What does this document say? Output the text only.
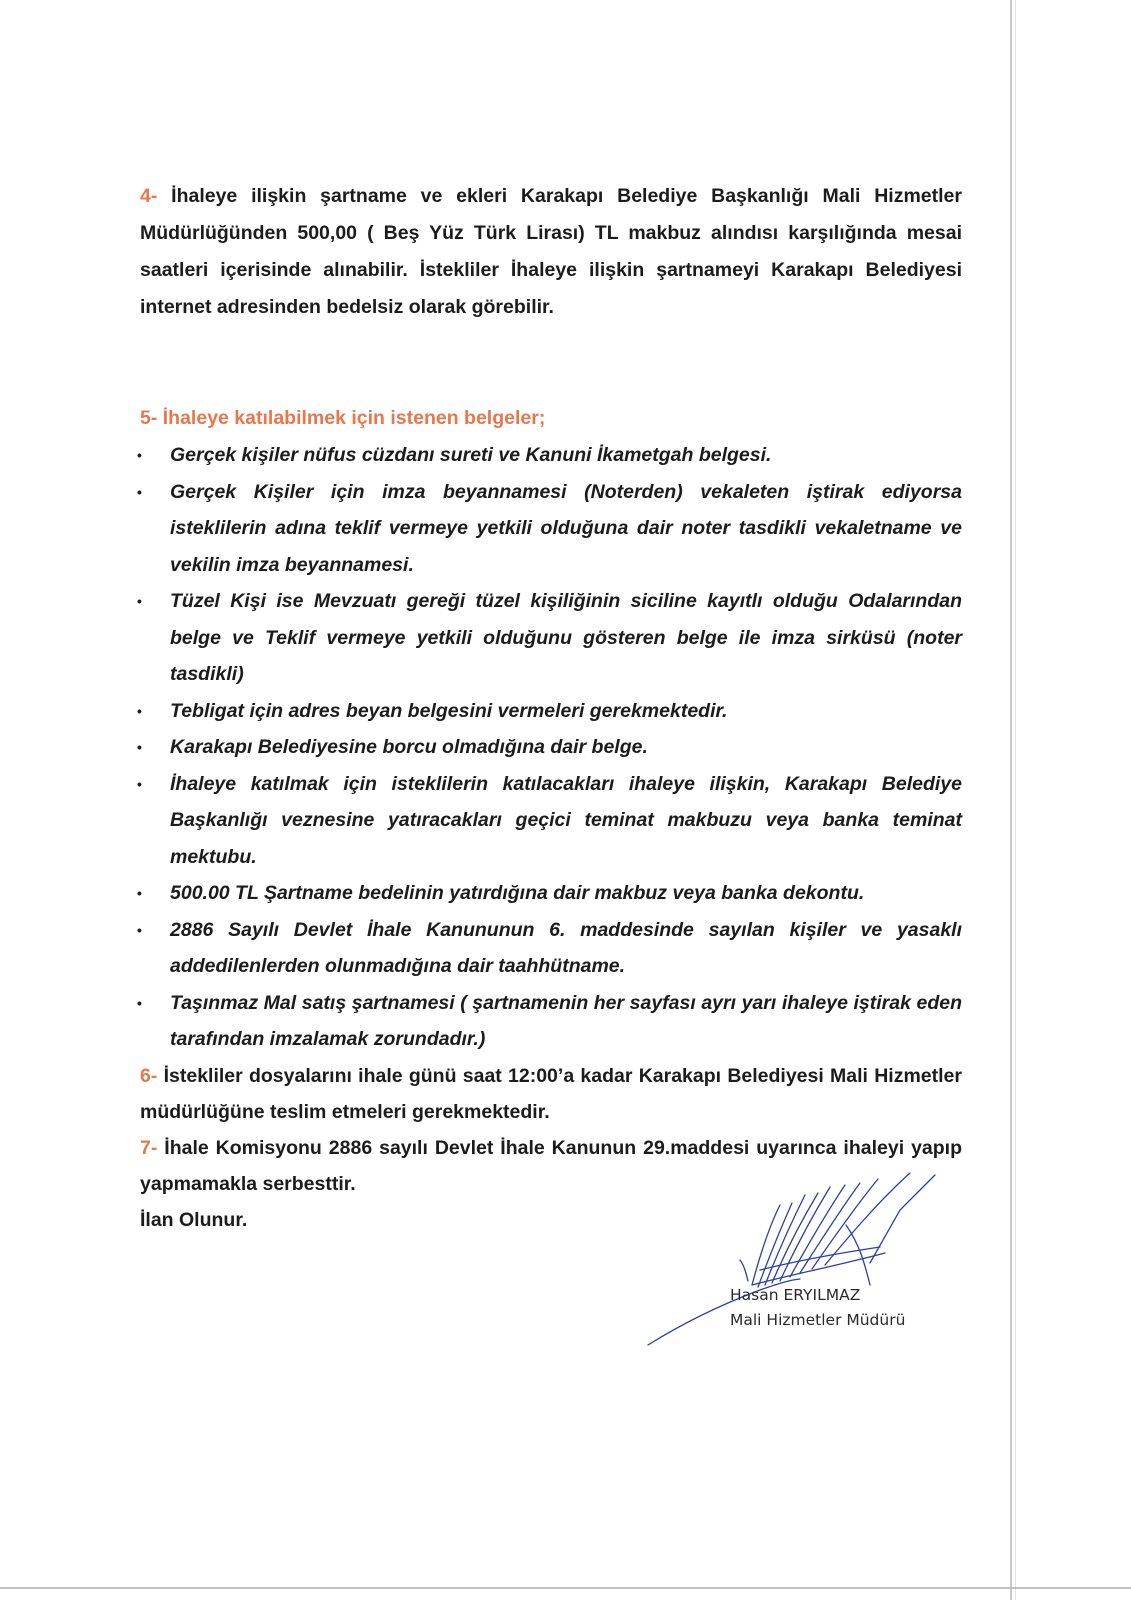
4- İhaleye ilişkin şartname ve ekleri Karakapı Belediye Başkanlığı Mali Hizmetler Müdürlüğünden 500,00 ( Beş Yüz Türk Lirası) TL makbuz alındısı karşılığında mesai saatleri içerisinde alınabilir. İstekliler İhaleye ilişkin şartnameyi Karakapı Belediyesi internet adresinden bedelsiz olarak görebilir.

5- İhaleye katılabilmek için istenen belgeler;
• Gerçek kişiler nüfus cüzdanı sureti ve Kanuni İkametgah belgesi.
• Gerçek Kişiler için imza beyannamesi (Noterden) vekaleten iştirak ediyorsa isteklilerin adına teklif vermeye yetkili olduğuna dair noter tasdikli vekaletname ve vekilin imza beyannamesi.
• Tüzel Kişi ise Mevzuatı gereği tüzel kişiliğinin siciline kayıtlı olduğu Odalarından belge ve Teklif vermeye yetkili olduğunu gösteren belge ile imza sirküsü (noter tasdikli)
• Tebligat için adres beyan belgesini vermeleri gerekmektedir.
• Karakapı Belediyesine borcu olmadığına dair belge.
• İhaleye katılmak için isteklilerin katılacakları ihaleye ilişkin, Karakapı Belediye Başkanlığı veznesine yatıracakları geçici teminat makbuzu veya banka teminat mektubu.
• 500.00 TL Şartname bedelinin yatırdığına dair makbuz veya banka dekontu.
• 2886 Sayılı Devlet İhale Kanununun 6. maddesinde sayılan kişiler ve yasaklı addedilenlerden olunmadığına dair taahhütname.
• Taşınmaz Mal satış şartnamesi ( şartnamenin her sayfası ayrı yarı ihaleye iştirak eden tarafından imzalamak zorundadır.)

6- İstekliler dosyalarını ihale günü saat 12:00’a kadar Karakapı Belediyesi Mali Hizmetler müdürlüğüne teslim etmeleri gerekmektedir.

7- İhale Komisyonu 2886 sayılı Devlet İhale Kanunun 29.maddesi uyarınca ihaleyi yapıp yapmamakla serbesttir.

İlan Olunur.

Hasan ERYILMAZ
Mali Hizmetler Müdürü
